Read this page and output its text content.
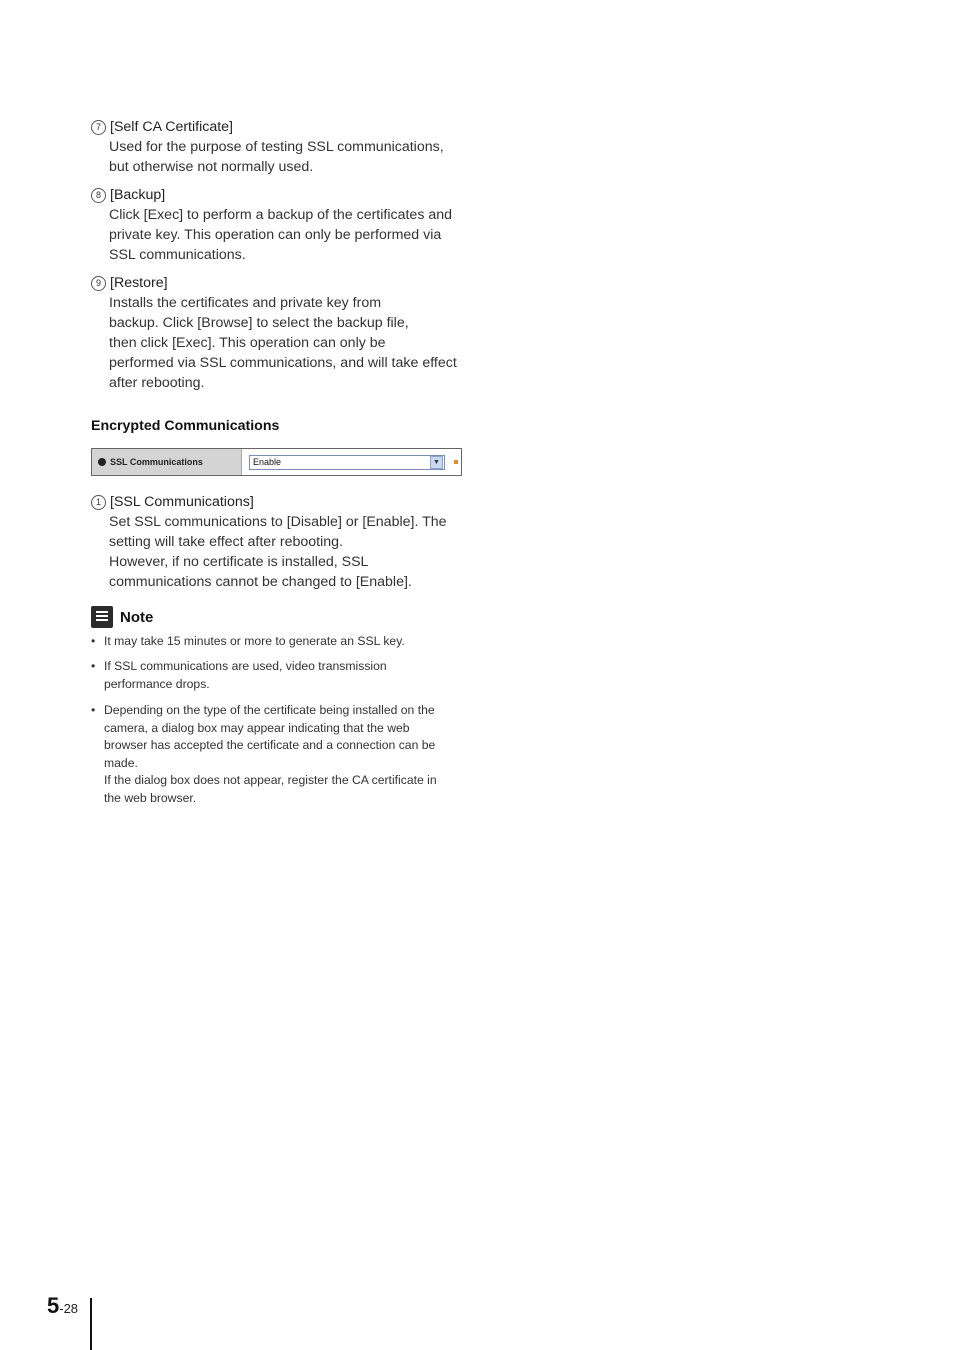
7 [Self CA Certificate]
Used for the purpose of testing SSL communications,
but otherwise not normally used.
8 [Backup]
Click [Exec] to perform a backup of the certificates and
private key. This operation can only be performed via
SSL communications.
9 [Restore]
Installs the certificates and private key from
backup. Click [Browse] to select the backup file,
then click [Exec]. This operation can only be
performed via SSL communications, and will take effect
after rebooting.
Encrypted Communications
SSL Communications	Enable	▼
1 [SSL Communications]
Set SSL communications to [Disable] or [Enable]. The
setting will take effect after rebooting.
However, if no certificate is installed, SSL
communications cannot be changed to [Enable].
Note
• It may take 15 minutes or more to generate an SSL key.
• If SSL communications are used, video transmission
performance drops.
• Depending on the type of the certificate being installed on the
camera, a dialog box may appear indicating that the web
browser has accepted the certificate and a connection can be
made.
If the dialog box does not appear, register the CA certificate in
the web browser.
5 -28
